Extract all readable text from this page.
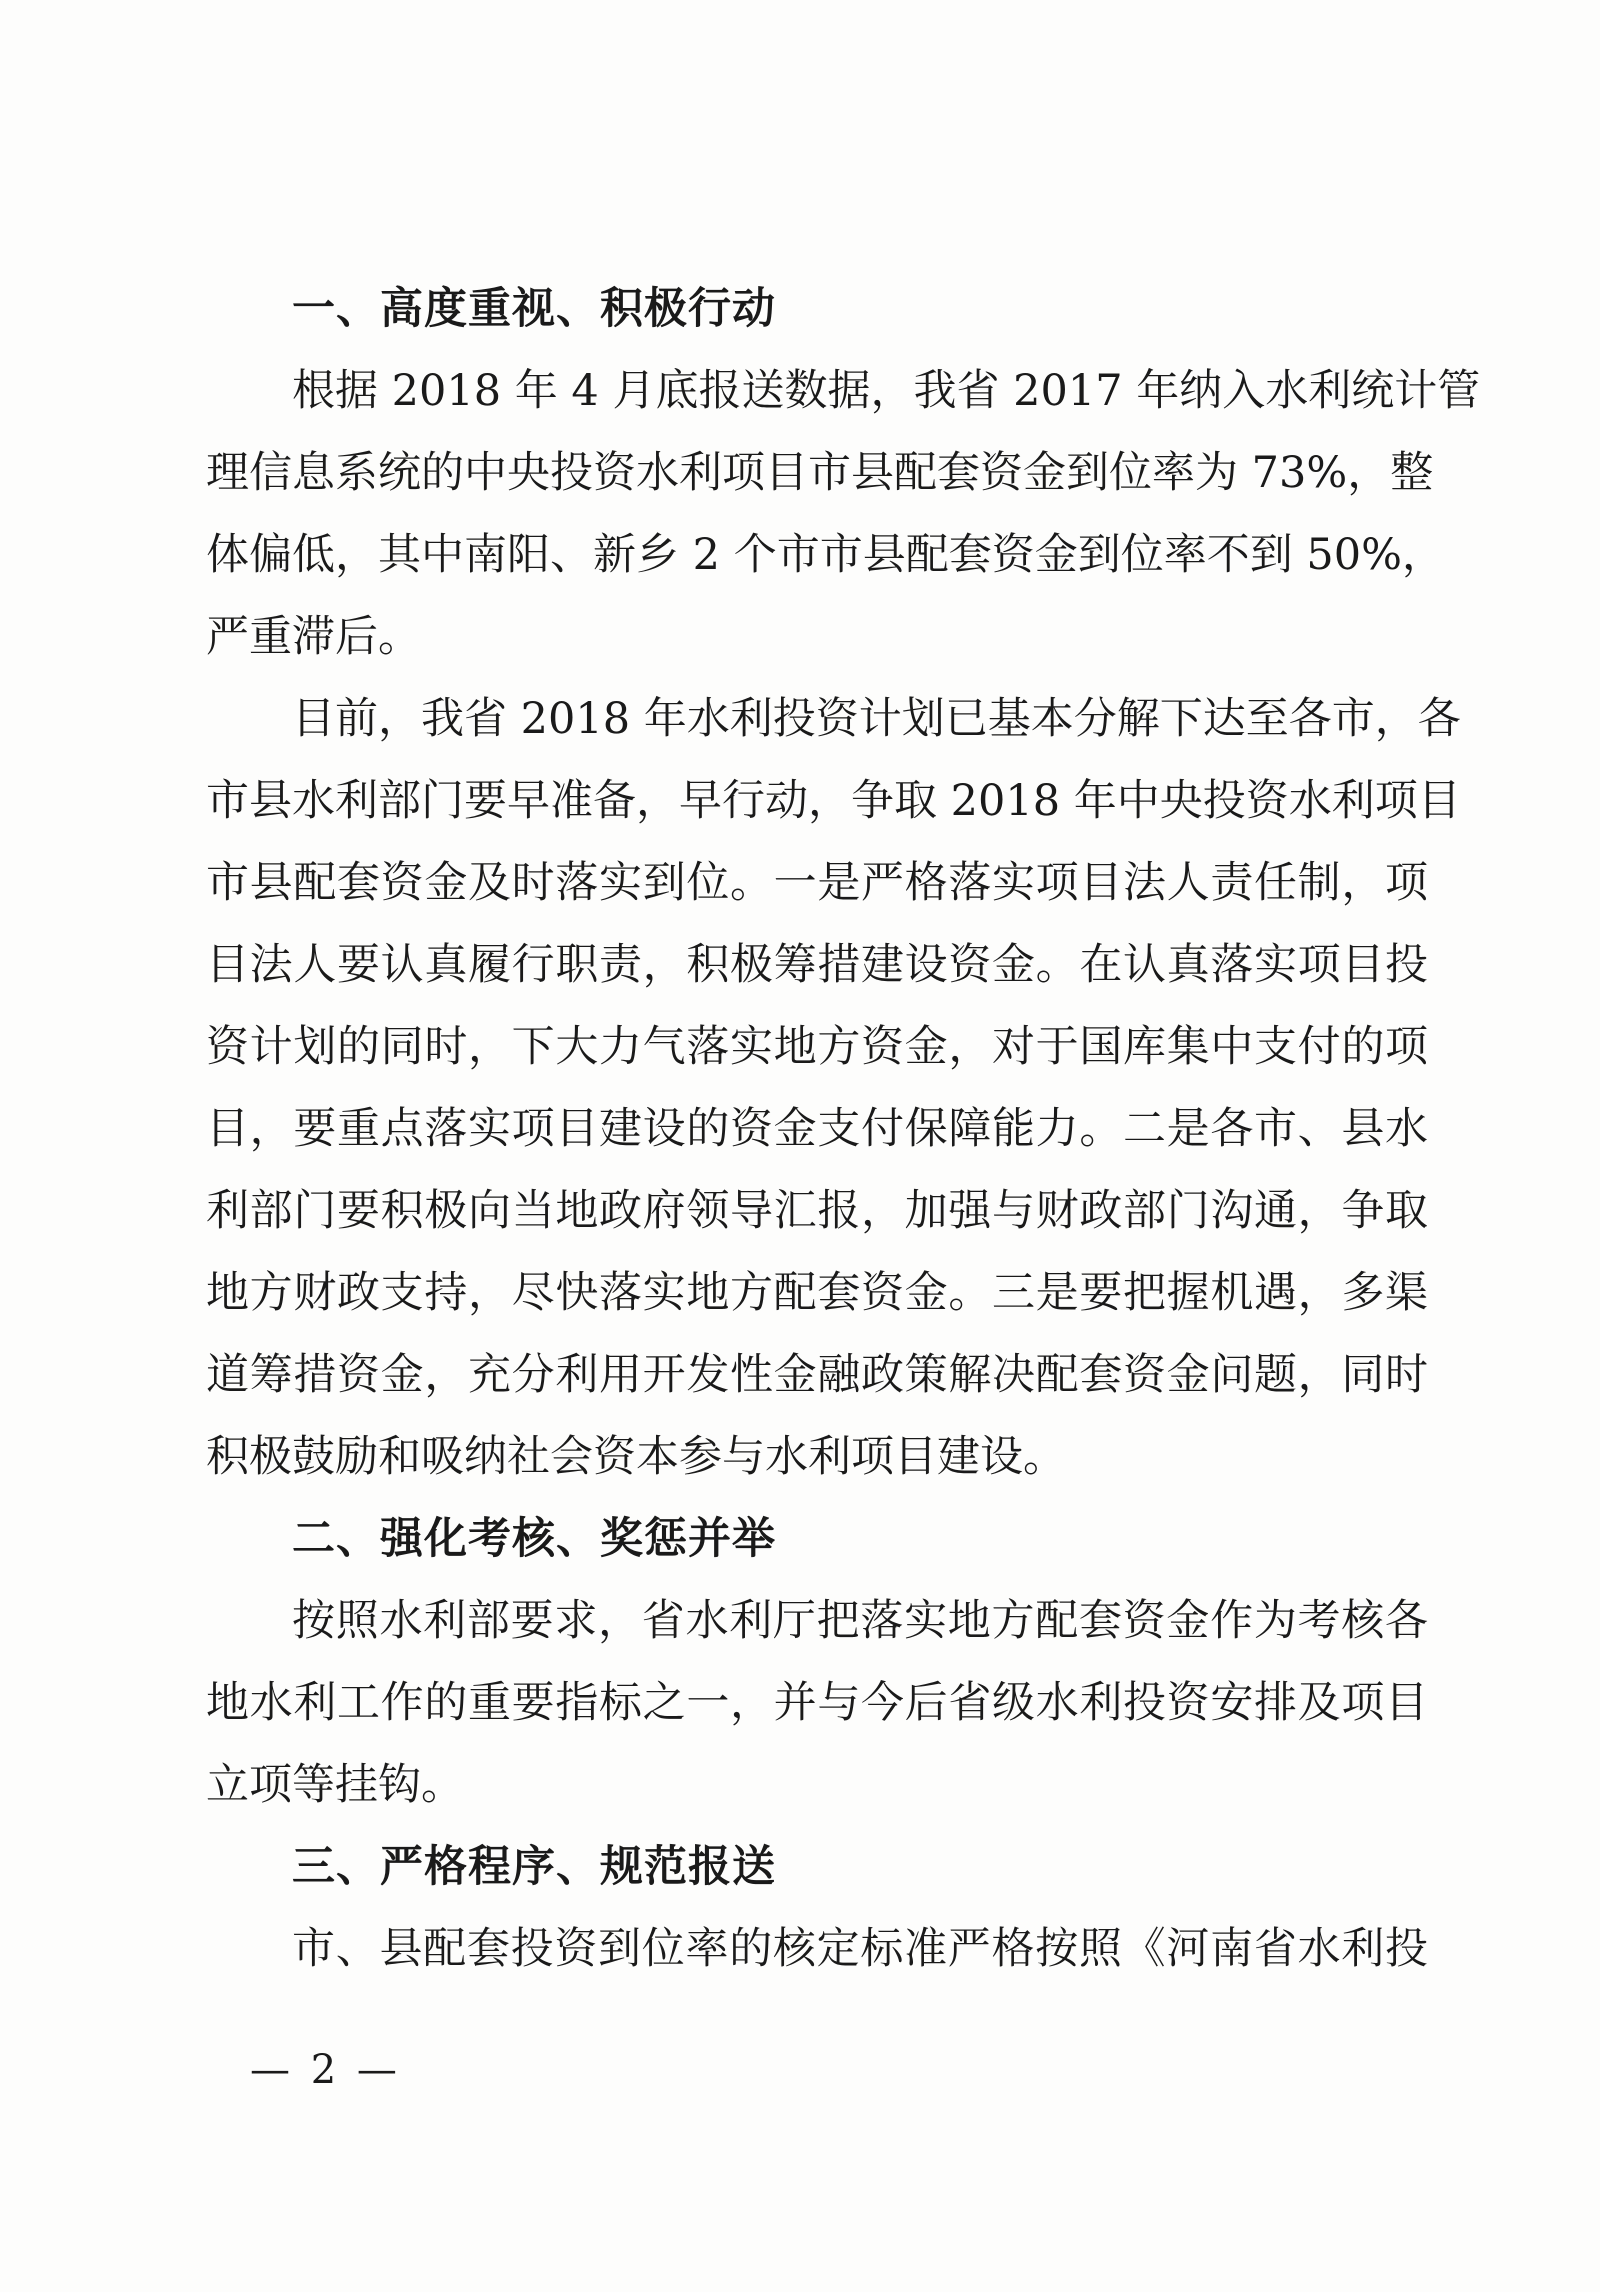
一、高度重视、积极行动
根据 2018 年 4 月底报送数据，我省 2017 年纳入水利统计管
理信息系统的中央投资水利项目市县配套资金到位率为 73%，整
体偏低，其中南阳、新乡 2 个市市县配套资金到位率不到 50%，
严重滞后。
目前，我省 2018 年水利投资计划已基本分解下达至各市，各
市县水利部门要早准备，早行动，争取 2018 年中央投资水利项目
市县配套资金及时落实到位。一是严格落实项目法人责任制，项
目法人要认真履行职责，积极筹措建设资金。在认真落实项目投
资计划的同时，下大力气落实地方资金，对于国库集中支付的项
目，要重点落实项目建设的资金支付保障能力。二是各市、县水
利部门要积极向当地政府领导汇报，加强与财政部门沟通，争取
地方财政支持，尽快落实地方配套资金。三是要把握机遇，多渠
道筹措资金，充分利用开发性金融政策解决配套资金问题，同时
积极鼓励和吸纳社会资本参与水利项目建设。
二、强化考核、奖惩并举
按照水利部要求，省水利厅把落实地方配套资金作为考核各
地水利工作的重要指标之一，并与今后省级水利投资安排及项目
立项等挂钩。
三、严格程序、规范报送
市、县配套投资到位率的核定标准严格按照《河南省水利投
— 2 —
